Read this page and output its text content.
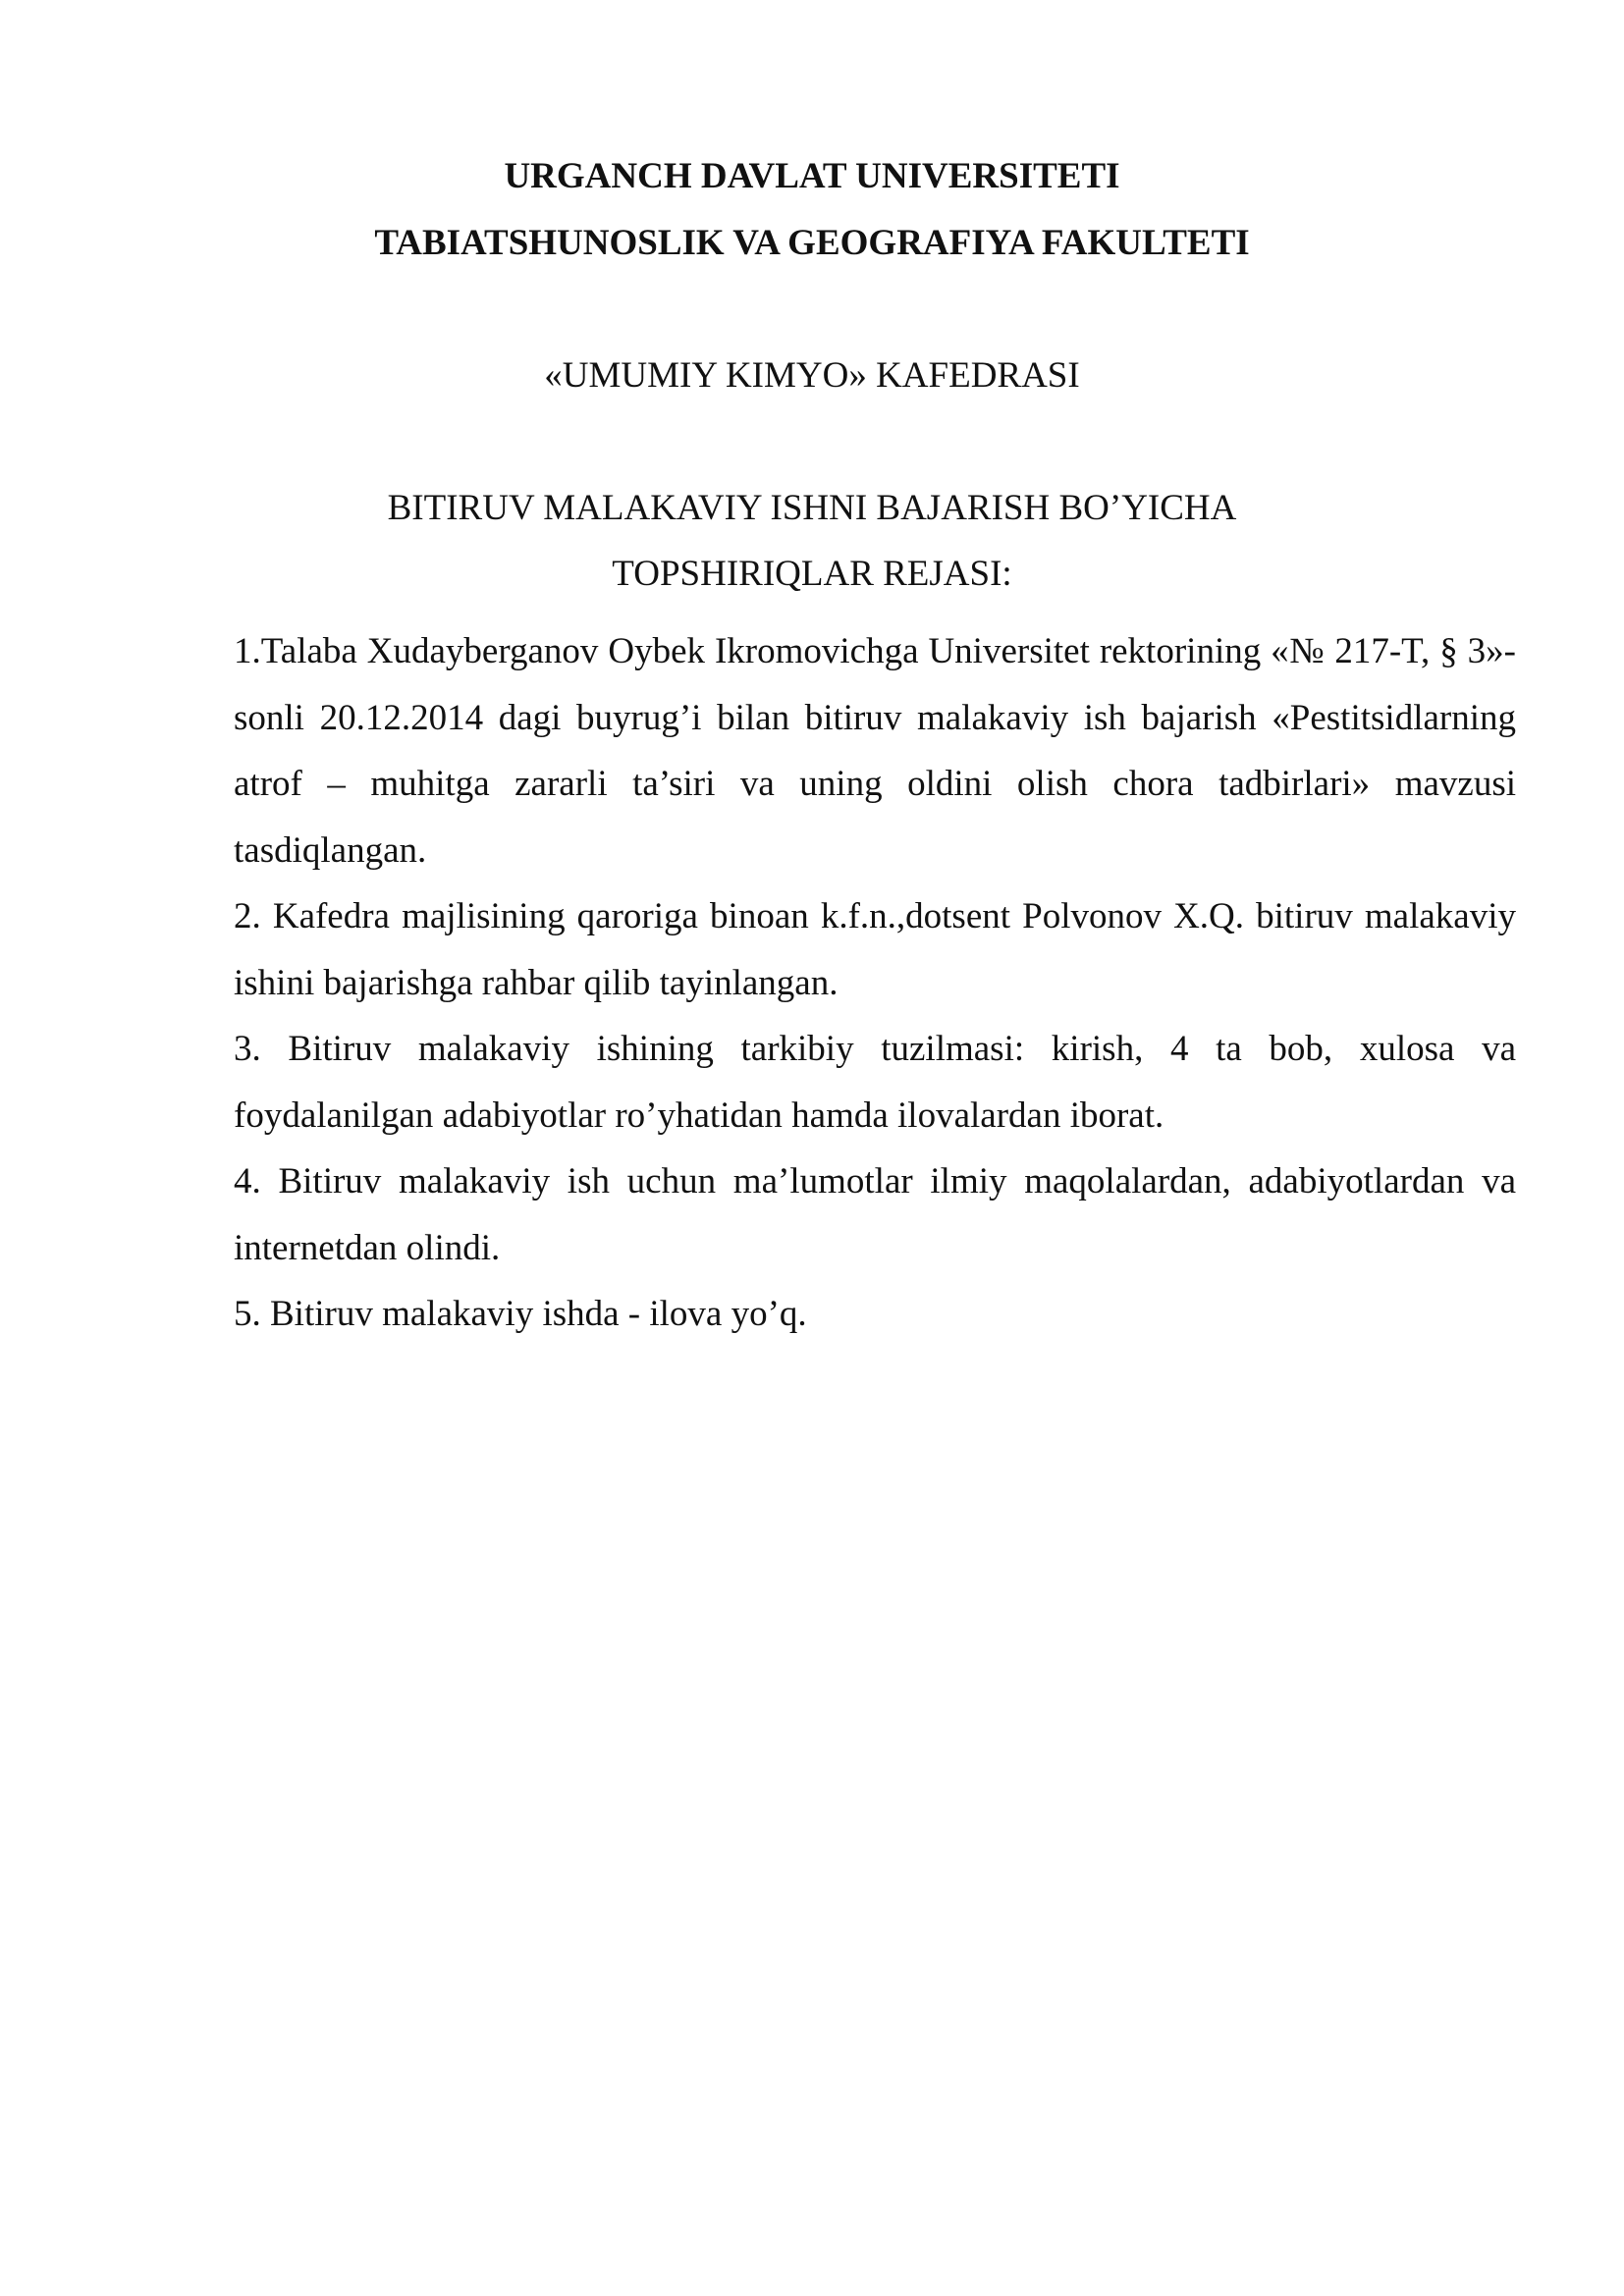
URGANCH DAVLAT UNIVERSITETI
TABIATSHUNOSLIK VA GEOGRAFIYA FAKULTETI
«UMUMIY KIMYO» KAFEDRASI
BITIRUV MALAKAVIY ISHNI BAJARISH BO’YICHA
TOPSHIRIQLAR REJASI:

1.Talaba Xudayberganov Oybek Ikromovichga Universitet rektorining «№ 217-T, § 3»-sonli 20.12.2014 dagi buyrug’i bilan bitiruv malakaviy ish bajarish «Pestitsidlarning atrof – muhitga zararli ta’siri va uning oldini olish chora tadbirlari» mavzusi tasdiqlangan.

2. Kafedra majlisining qaroriga binoan k.f.n.,dotsent Polvonov X.Q. bitiruv malakaviy ishini bajarishga rahbar qilib tayinlangan.

3. Bitiruv malakaviy ishining tarkibiy tuzilmasi: kirish, 4 ta bob, xulosa va foydalanilgan adabiyotlar ro’yhatidan hamda ilovalardan iborat.

4. Bitiruv malakaviy ish uchun ma’lumotlar ilmiy maqolalardan, adabiyotlardan va internetdan olindi.

5. Bitiruv malakaviy ishda - ilova yo’q.
